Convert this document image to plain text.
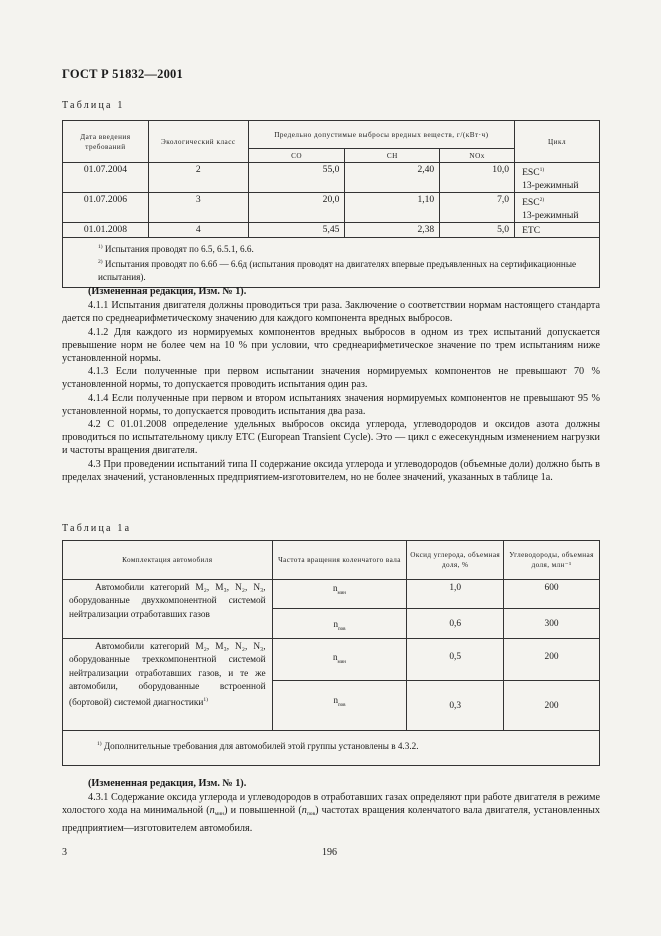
ГОСТ Р 51832—2001
Таблица 1
Дата введения требований	Экологический класс	Предельно допустимые выбросы вредных веществ, г/(кВт·ч)			Цикл
		СО	СН	NOx	
01.07.2004	2	55,0	2,40	10,0	ESC$^{1)}$
13-режимный
01.07.2006	3	20,0	1,10	7,0	ESC$^{2)}$
13-режимный
01.01.2008	4	5,45	2,38	5,0	ETC

$^{1)}$ Испытания проводят по 6.5, 6.5.1, 6.6.
$^{2)}$ Испытания проводят по 6.6б — 6.6д (испытания проводят на двигателях впервые предъявленных на сертификационные испытания).					

(Измененная редакция, Изм. № 1).

4.1.1 Испытания двигателя должны проводиться три раза. Заключение о соответствии нормам настоящего стандарта дается по среднеарифметическому значению для каждого компонента вредных выбросов.

4.1.2 Для каждого из нормируемых компонентов вредных выбросов в одном из трех испытаний допускается превышение норм не более чем на 10 % при условии, что среднеарифметическое значение по трем испытаниям ниже установленной нормы.

4.1.3 Если полученные при первом испытании значения нормируемых компонентов не превышают 70 % установленной нормы, то допускается проводить испытания один раз.

4.1.4 Если полученные при первом и втором испытаниях значения нормируемых компонентов не превышают 95 % установленной нормы, то допускается проводить испытания два раза.

4.2 С 01.01.2008 определение удельных выбросов оксида углерода, углеводородов и оксидов азота должны проводиться по испытательному циклу ЕТС (European Transient Cycle). Это — цикл с ежесекундным изменением нагрузки и частоты вращения двигателя.

4.3 При проведении испытаний типа II содержание оксида углерода и углеводородов (объемные доли) должно быть в пределах значений, установленных предприятием-изготовителем, но не более значений, указанных в таблице 1а.

Таблица 1а
Комплектация автомобиля	Частота вращения коленчатого вала	Оксид углерода, объемная доля, %	Углеводороды, объемная доля, млн⁻¹
Автомобили категорий М₂, М₃, N₂, N₃, оборудованные двухкомпонентной системой нейтрализации отработавших газов	$n_{мин}$	1,0	600
	$n_{пов}$	0,6	300
Автомобили категорий М₂, М₃, N₂, N₃, оборудованные трехкомпонентной системой нейтрализации отработавших газов, и те же автомобили, оборудованные встроенной (бортовой) системой диагностики$^{1)}$	$n_{мин}$	0,5	200
	$n_{пов}$	0,3	200
$^{1)}$ Дополнительные требования для автомобилей этой группы установлены в 4.3.2.			

(Измененная редакция, Изм. № 1).

4.3.1 Содержание оксида углерода и углеводородов в отработавших газах определяют при работе двигателя в режиме холостого хода на минимальной $(n_{мин})$ и повышенной $(n_{пов})$ частотах вращения коленчатого вала двигателя, установленных предприятием—изготовителем автомобиля.

3	196
